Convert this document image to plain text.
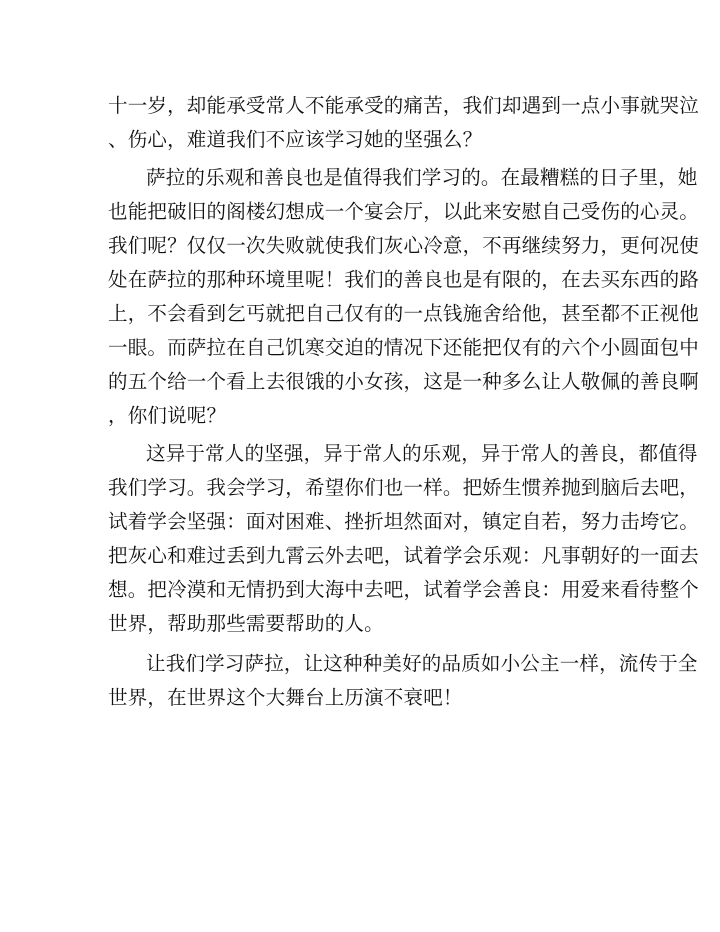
十一岁，却能承受常人不能承受的痛苦，我们却遇到一点小事就哭泣
、伤心，难道我们不应该学习她的坚强么？
萨拉的乐观和善良也是值得我们学习的。在最糟糕的日子里，她
也能把破旧的阁楼幻想成一个宴会厅，以此来安慰自己受伤的心灵。
我们呢？仅仅一次失败就使我们灰心冷意，不再继续努力，更何况使
处在萨拉的那种环境里呢！我们的善良也是有限的，在去买东西的路
上，不会看到乞丐就把自己仅有的一点钱施舍给他，甚至都不正视他
一眼。而萨拉在自己饥寒交迫的情况下还能把仅有的六个小圆面包中
的五个给一个看上去很饿的小女孩，这是一种多么让人敬佩的善良啊
，你们说呢？
这异于常人的坚强，异于常人的乐观，异于常人的善良，都值得
我们学习。我会学习，希望你们也一样。把娇生惯养抛到脑后去吧，
试着学会坚强：面对困难、挫折坦然面对，镇定自若，努力击垮它。
把灰心和难过丢到九霄云外去吧，试着学会乐观：凡事朝好的一面去
想。把冷漠和无情扔到大海中去吧，试着学会善良：用爱来看待整个
世界，帮助那些需要帮助的人。
让我们学习萨拉，让这种种美好的品质如小公主一样，流传于全
世界，在世界这个大舞台上历演不衰吧！
